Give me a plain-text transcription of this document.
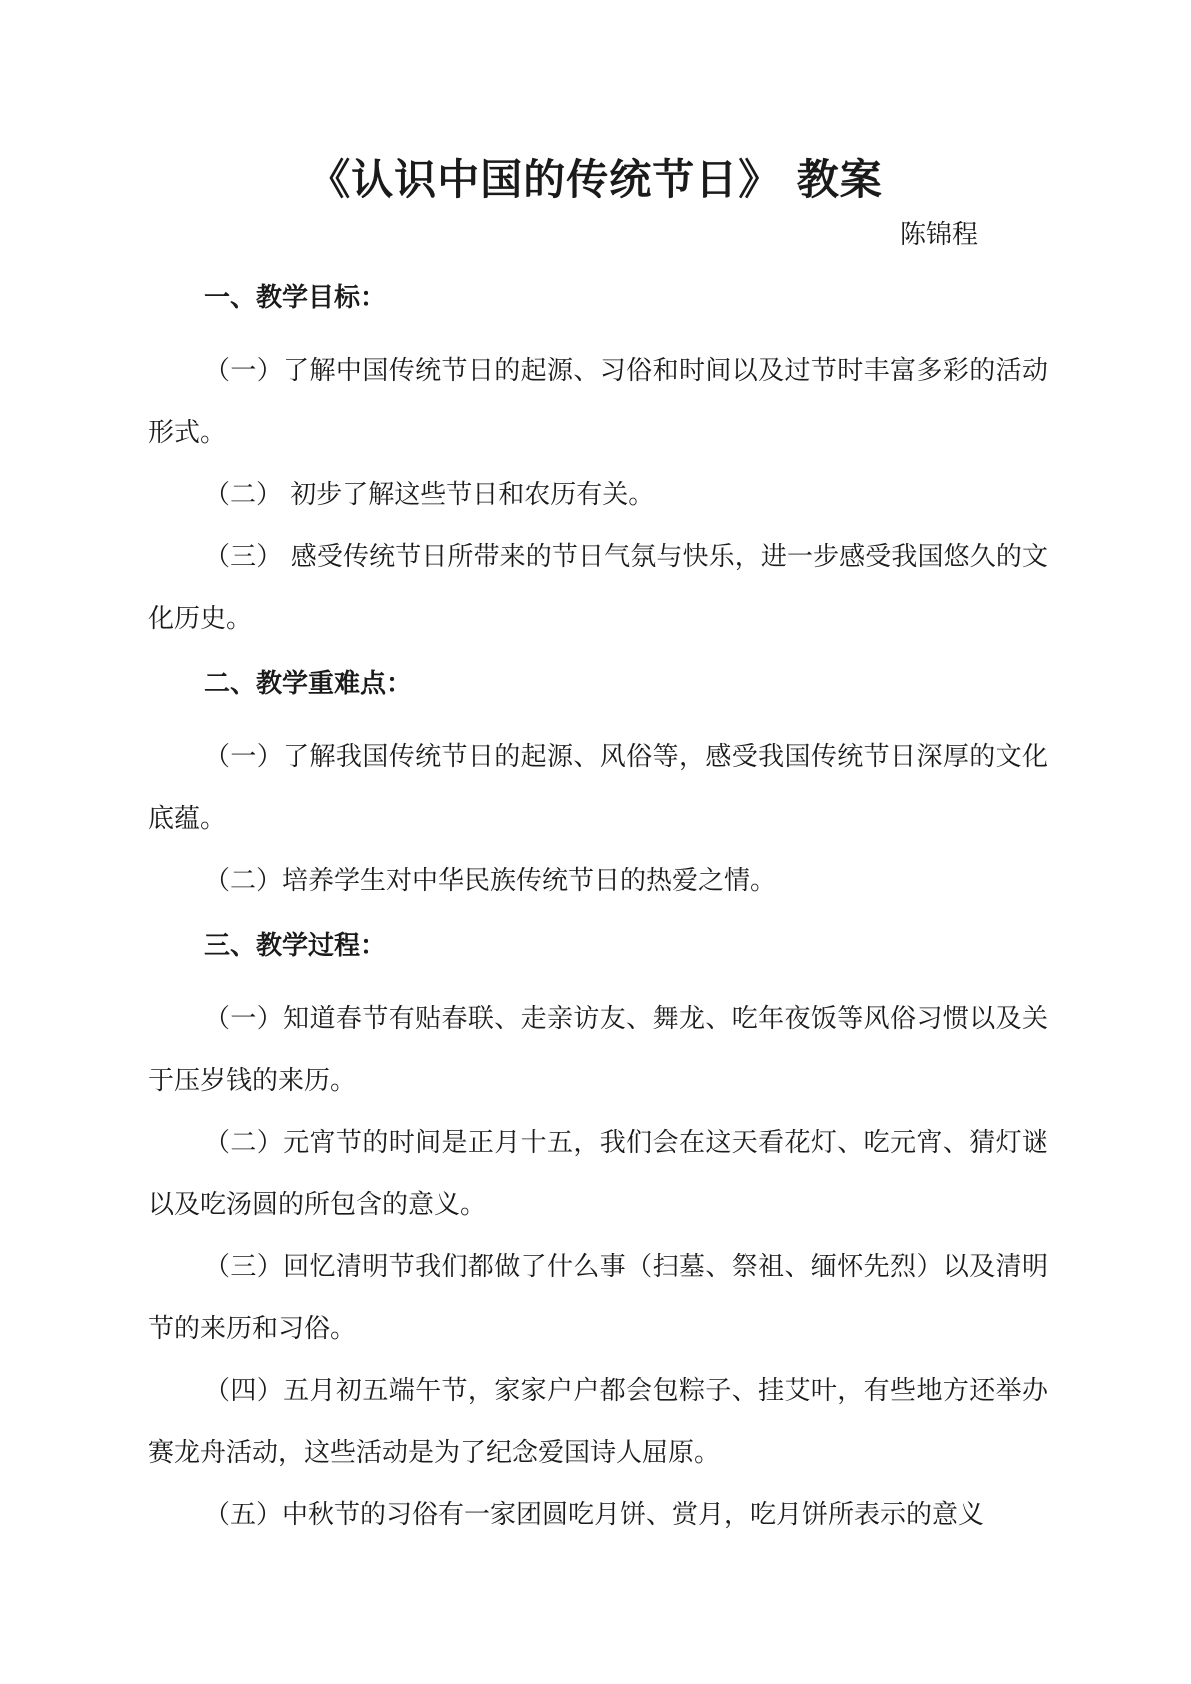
《认识中国的传统节日》 教案

陈锦程

一、教学目标：

（一）了解中国传统节日的起源、习俗和时间以及过节时丰富多彩的活动形式。

（二） 初步了解这些节日和农历有关。

（三） 感受传统节日所带来的节日气氛与快乐，进一步感受我国悠久的文化历史。

二、教学重难点：

（一）了解我国传统节日的起源、风俗等，感受我国传统节日深厚的文化底蕴。

（二）培养学生对中华民族传统节日的热爱之情。

三、教学过程：

（一）知道春节有贴春联、走亲访友、舞龙、吃年夜饭等风俗习惯以及关于压岁钱的来历。

（二）元宵节的时间是正月十五，我们会在这天看花灯、吃元宵、猜灯谜以及吃汤圆的所包含的意义。

（三）回忆清明节我们都做了什么事（扫墓、祭祖、缅怀先烈）以及清明节的来历和习俗。

（四）五月初五端午节，家家户户都会包粽子、挂艾叶，有些地方还举办赛龙舟活动，这些活动是为了纪念爱国诗人屈原。

（五）中秋节的习俗有一家团圆吃月饼、赏月，吃月饼所表示的意义
